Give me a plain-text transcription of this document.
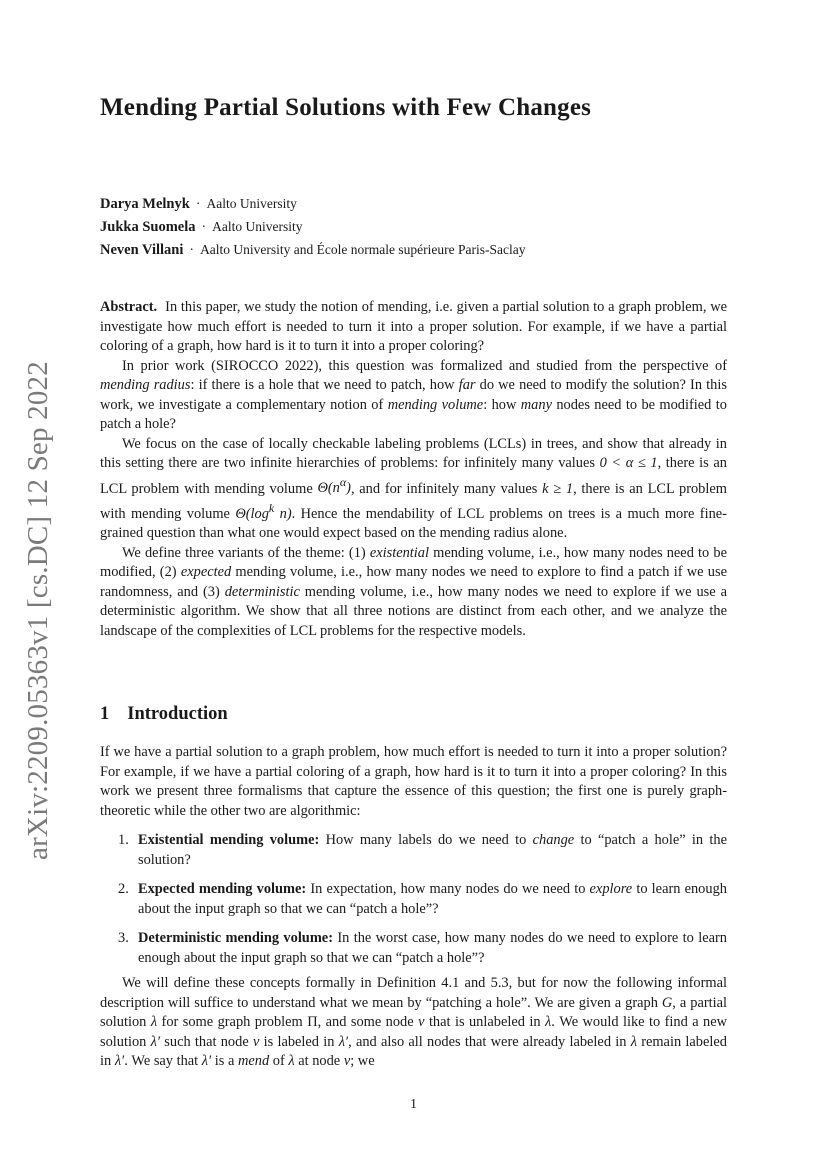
arXiv:2209.05363v1 [cs.DC] 12 Sep 2022
Mending Partial Solutions with Few Changes
Darya Melnyk · Aalto University
Jukka Suomela · Aalto University
Neven Villani · Aalto University and École normale supérieure Paris-Saclay

Abstract. In this paper, we study the notion of mending, i.e. given a partial solution to a graph problem, we investigate how much effort is needed to turn it into a proper solution. For example, if we have a partial coloring of a graph, how hard is it to turn it into a proper coloring?

In prior work (SIROCCO 2022), this question was formalized and studied from the perspective of mending radius: if there is a hole that we need to patch, how far do we need to modify the solution? In this work, we investigate a complementary notion of mending volume: how many nodes need to be modified to patch a hole?

We focus on the case of locally checkable labeling problems (LCLs) in trees, and show that already in this setting there are two infinite hierarchies of problems: for infinitely many values 0 < α ≤ 1, there is an LCL problem with mending volume $\Theta(n^\alpha)$, and for infinitely many values k ≥ 1, there is an LCL problem with mending volume $\Theta(\log^k$ n). Hence the mendability of LCL problems on trees is a much more fine-grained question than what one would expect based on the mending radius alone.

We define three variants of the theme: (1) existential mending volume, i.e., how many nodes need to be modified, (2) expected mending volume, i.e., how many nodes we need to explore to find a patch if we use randomness, and (3) deterministic mending volume, i.e., how many nodes we need to explore if we use a deterministic algorithm. We show that all three notions are distinct from each other, and we analyze the landscape of the complexities of LCL problems for the respective models.

1 Introduction

If we have a partial solution to a graph problem, how much effort is needed to turn it into a proper solution? For example, if we have a partial coloring of a graph, how hard is it to turn it into a proper coloring? In this work we present three formalisms that capture the essence of this question; the first one is purely graph-theoretic while the other two are algorithmic:

1. Existential mending volume: How many labels do we need to change to “patch a hole” in the solution?
2. Expected mending volume: In expectation, how many nodes do we need to explore to learn enough about the input graph so that we can “patch a hole”?
3. Deterministic mending volume: In the worst case, how many nodes do we need to explore to learn enough about the input graph so that we can “patch a hole”?

We will define these concepts formally in Definition 4.1 and 5.3, but for now the following informal description will suffice to understand what we mean by “patching a hole”. We are given a graph G, a partial solution λ for some graph problem Π, and some node v that is unlabeled in λ. We would like to find a new solution λ′ such that node v is labeled in λ′, and also all nodes that were already labeled in λ remain labeled in λ′. We say that λ′ is a mend of λ at node v; we

1
